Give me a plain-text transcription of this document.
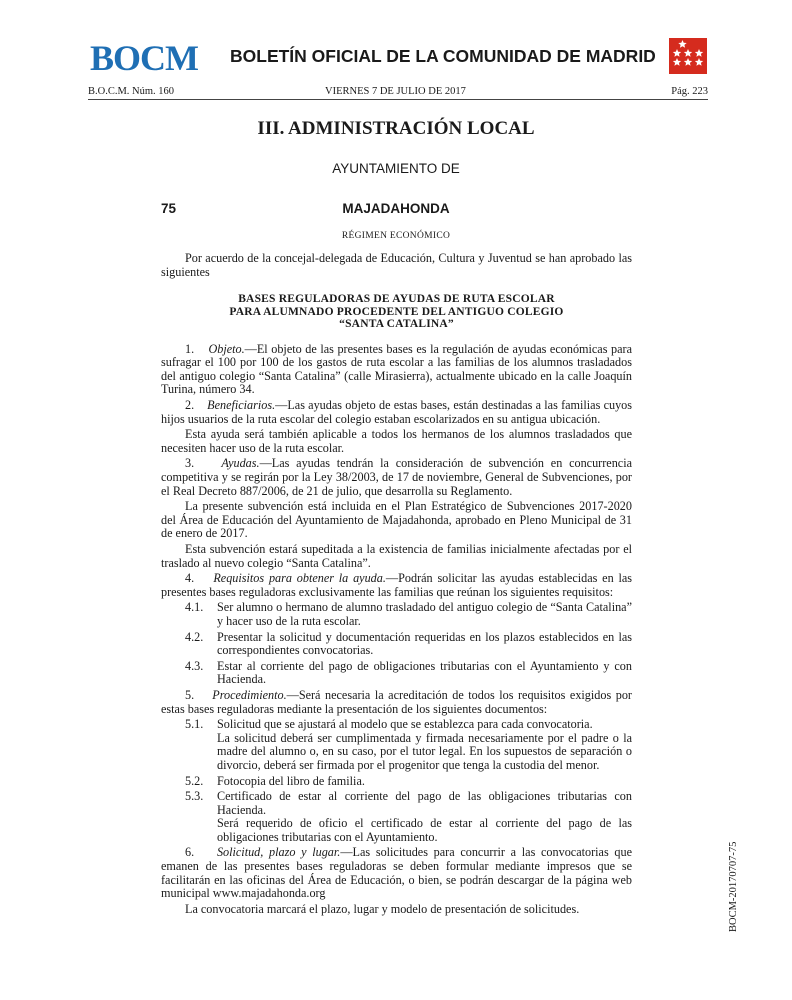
BOCM BOLETÍN OFICIAL DE LA COMUNIDAD DE MADRID
B.O.C.M. Núm. 160	VIERNES 7 DE JULIO DE 2017	Pág. 223
III. ADMINISTRACIÓN LOCAL
AYUNTAMIENTO DE
75	MAJADAHONDA
RÉGIMEN ECONÓMICO

Por acuerdo de la concejal-delegada de Educación, Cultura y Juventud se han aprobado las siguientes

BASES REGULADORAS DE AYUDAS DE RUTA ESCOLAR
PARA ALUMNADO PROCEDENTE DEL ANTIGUO COLEGIO
“SANTA CATALINA”

1. Objeto.—El objeto de las presentes bases es la regulación de ayudas económicas para sufragar el 100 por 100 de los gastos de ruta escolar a las familias de los alumnos trasladados del antiguo colegio “Santa Catalina” (calle Mirasierra), actualmente ubicado en la calle Joaquín Turina, número 34.

2. Beneficiarios.—Las ayudas objeto de estas bases, están destinadas a las familias cuyos hijos usuarios de la ruta escolar del colegio estaban escolarizados en su antigua ubicación.

Esta ayuda será también aplicable a todos los hermanos de los alumnos trasladados que necesiten hacer uso de la ruta escolar.

3. Ayudas.—Las ayudas tendrán la consideración de subvención en concurrencia competitiva y se regirán por la Ley 38/2003, de 17 de noviembre, General de Subvenciones, por el Real Decreto 887/2006, de 21 de julio, que desarrolla su Reglamento.

La presente subvención está incluida en el Plan Estratégico de Subvenciones 2017-2020 del Área de Educación del Ayuntamiento de Majadahonda, aprobado en Pleno Municipal de 31 de enero de 2017.

Esta subvención estará supeditada a la existencia de familias inicialmente afectadas por el traslado al nuevo colegio “Santa Catalina”.

4. Requisitos para obtener la ayuda.—Podrán solicitar las ayudas establecidas en las presentes bases reguladoras exclusivamente las familias que reúnan los siguientes requisitos:

4.1. Ser alumno o hermano de alumno trasladado del antiguo colegio de “Santa Catalina” y hacer uso de la ruta escolar.

4.2. Presentar la solicitud y documentación requeridas en los plazos establecidos en las correspondientes convocatorias.

4.3. Estar al corriente del pago de obligaciones tributarias con el Ayuntamiento y con Hacienda.

5. Procedimiento.—Será necesaria la acreditación de todos los requisitos exigidos por estas bases reguladoras mediante la presentación de los siguientes documentos:

5.1. Solicitud que se ajustará al modelo que se establezca para cada convocatoria.

La solicitud deberá ser cumplimentada y firmada necesariamente por el padre o la madre del alumno o, en su caso, por el tutor legal. En los supuestos de separación o divorcio, deberá ser firmada por el progenitor que tenga la custodia del menor.

5.2. Fotocopia del libro de familia.

5.3. Certificado de estar al corriente del pago de las obligaciones tributarias con Hacienda.

Será requerido de oficio el certificado de estar al corriente del pago de las obligaciones tributarias con el Ayuntamiento.

6. Solicitud, plazo y lugar.—Las solicitudes para concurrir a las convocatorias que emanen de las presentes bases reguladoras se deben formular mediante impresos que se facilitarán en las oficinas del Área de Educación, o bien, se podrán descargar de la página web municipal www.majadahonda.org

La convocatoria marcará el plazo, lugar y modelo de presentación de solicitudes.	BOCM-20170707-75
